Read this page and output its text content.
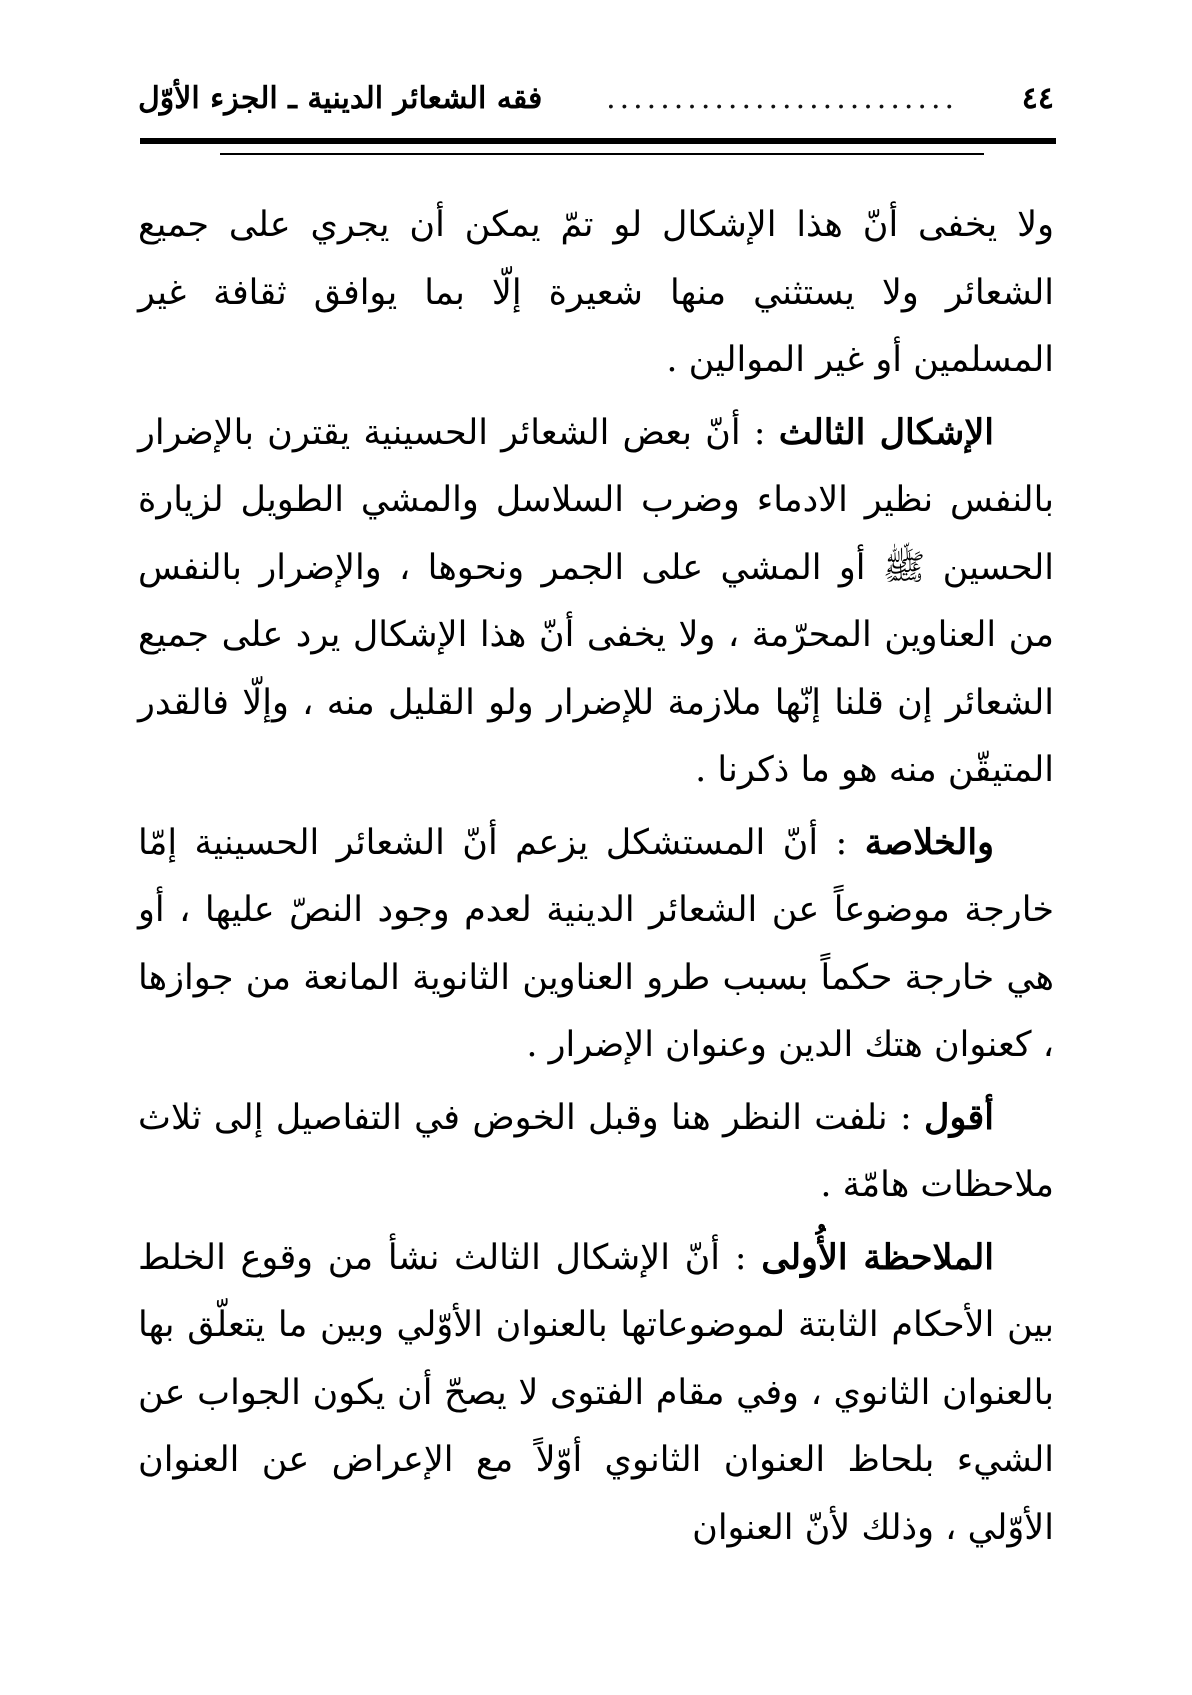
٤٤
..........................
فقه الشعائر الدينية ـ الجزء الأوّل

ولا يخفى أنّ هذا الإشكال لو تمّ يمكن أن يجري على جميع الشعائر ولا يستثني منها شعيرة إلّا بما يوافق ثقافة غير المسلمين أو غير الموالين .

الإشكال الثالث : أنّ بعض الشعائر الحسينية يقترن بالإضرار بالنفس نظير الادماء وضرب السلاسل والمشي الطويل لزيارة الحسين ﷺ أو المشي على الجمر ونحوها ، والإضرار بالنفس من العناوين المحرّمة ، ولا يخفى أنّ هذا الإشكال يرد على جميع الشعائر إن قلنا إنّها ملازمة للإضرار ولو القليل منه ، وإلّا فالقدر المتيقّن منه هو ما ذكرنا .

والخلاصة : أنّ المستشكل يزعم أنّ الشعائر الحسينية إمّا خارجة موضوعاً عن الشعائر الدينية لعدم وجود النصّ عليها ، أو هي خارجة حكماً بسبب طرو العناوين الثانوية المانعة من جوازها ، كعنوان هتك الدين وعنوان الإضرار .

أقول : نلفت النظر هنا وقبل الخوض في التفاصيل إلى ثلاث ملاحظات هامّة .

الملاحظة الأُولى : أنّ الإشكال الثالث نشأ من وقوع الخلط بين الأحكام الثابتة لموضوعاتها بالعنوان الأوّلي وبين ما يتعلّق بها بالعنوان الثانوي ، وفي مقام الفتوى لا يصحّ أن يكون الجواب عن الشيء بلحاظ العنوان الثانوي أوّلاً مع الإعراض عن العنوان الأوّلي ، وذلك لأنّ العنوان
